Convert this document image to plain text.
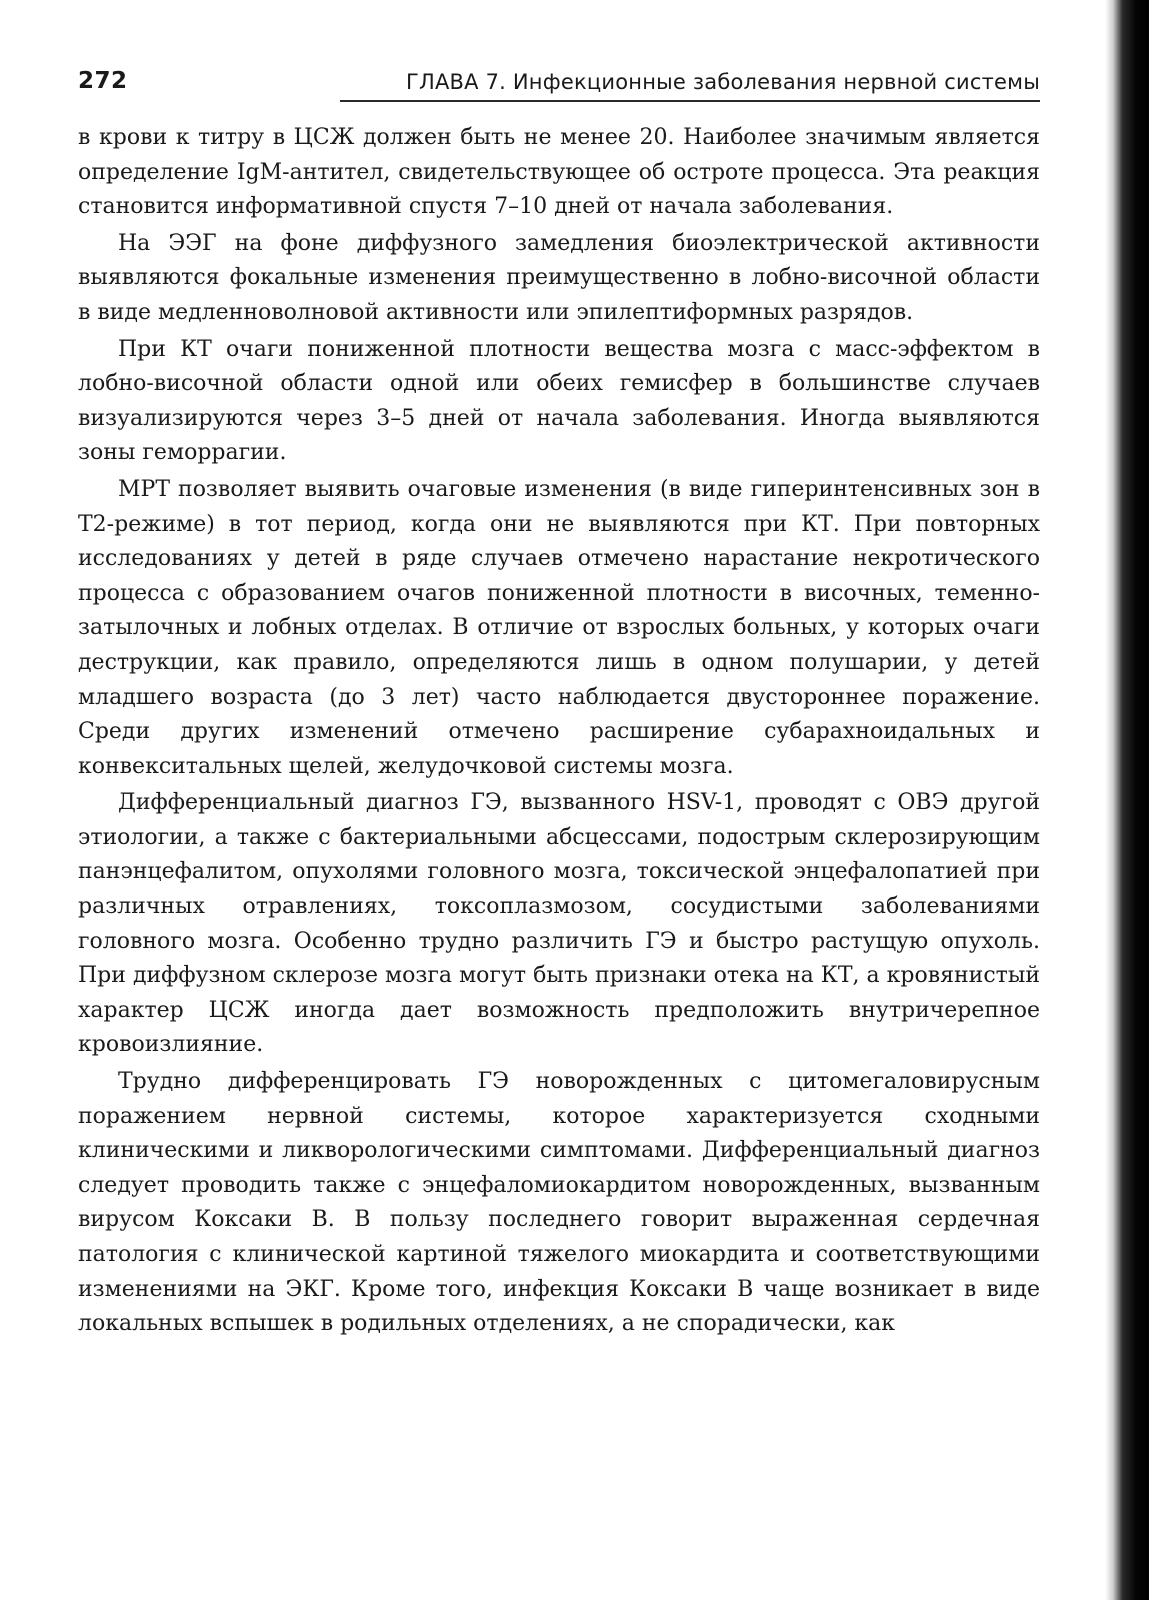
272	ГЛАВА 7. Инфекционные заболевания нервной системы

в крови к титру в ЦСЖ должен быть не менее 20. Наиболее значимым является определение IgM-антител, свидетельствующее об остроте процесса. Эта реакция становится информативной спустя 7–10 дней от начала заболевания.

На ЭЭГ на фоне диффузного замедления биоэлектрической активности выявляются фокальные изменения преимущественно в лобно-височной области в виде медленноволновой активности или эпилептиформных разрядов.

При КТ очаги пониженной плотности вещества мозга с масс-эффектом в лобно-височной области одной или обеих гемисфер в большинстве случаев визуализируются через 3–5 дней от начала заболевания. Иногда выявляются зоны геморрагии.

МРТ позволяет выявить очаговые изменения (в виде гиперинтенсивных зон в Т2-режиме) в тот период, когда они не выявляются при КТ. При повторных исследованиях у детей в ряде случаев отмечено нарастание некротического процесса с образованием очагов пониженной плотности в височных, теменно-затылочных и лобных отделах. В отличие от взрослых больных, у которых очаги деструкции, как правило, определяются лишь в одном полушарии, у детей младшего возраста (до 3 лет) часто наблюдается двустороннее поражение. Среди других изменений отмечено расширение субарахноидальных и конвекситальных щелей, желудочковой системы мозга.

Дифференциальный диагноз ГЭ, вызванного HSV-1, проводят с ОВЭ другой этиологии, а также с бактериальными абсцессами, подострым склерозирующим панэнцефалитом, опухолями головного мозга, токсической энцефалопатией при различных отравлениях, токсоплазмозом, сосудистыми заболеваниями головного мозга. Особенно трудно различить ГЭ и быстро растущую опухоль. При диффузном склерозе мозга могут быть признаки отека на КТ, а кровянистый характер ЦСЖ иногда дает возможность предположить внутричерепное кровоизлияние.

Трудно дифференцировать ГЭ новорожденных с цитомегаловирусным поражением нервной системы, которое характеризуется сходными клиническими и ликворологическими симптомами. Дифференциальный диагноз следует проводить также с энцефаломиокардитом новорожденных, вызванным вирусом Коксаки В. В пользу последнего говорит выраженная сердечная патология с клинической картиной тяжелого миокардита и соответствующими изменениями на ЭКГ. Кроме того, инфекция Коксаки В чаще возникает в виде локальных вспышек в родильных отделениях, а не спорадически, как
